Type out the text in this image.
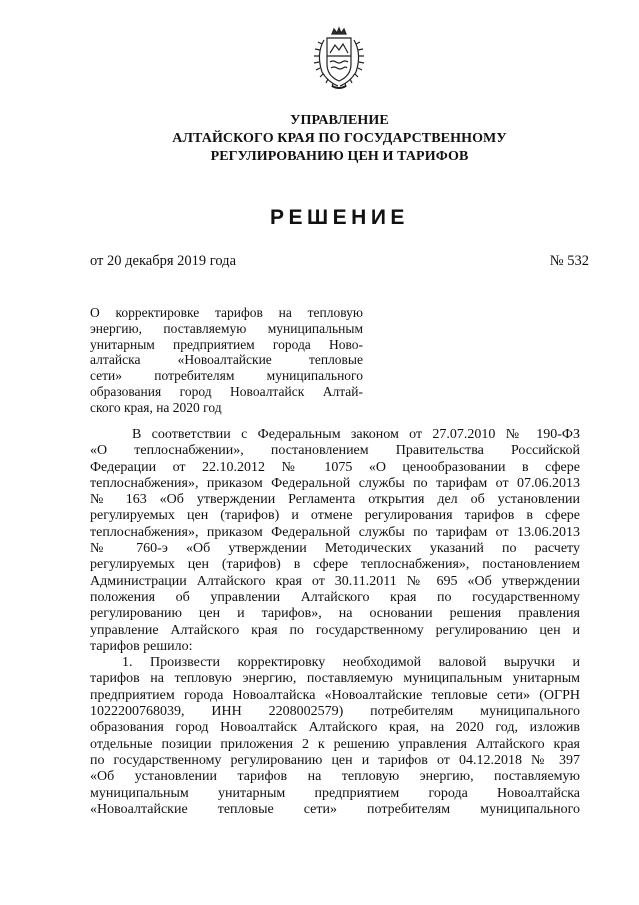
УПРАВЛЕНИЕ
АЛТАЙСКОГО КРАЯ ПО ГОСУДАРСТВЕННОМУ
РЕГУЛИРОВАНИЮ ЦЕН И ТАРИФОВ
РЕШЕНИЕ
от 20 декабря 2019 года	№ 532
О корректировке тарифов на тепловую
энергию, поставляемую муниципальным
унитарным предприятием города Ново-
алтайска «Новоалтайские тепловые
сети» потребителям муниципального
образования город Новоалтайск Алтай-
ского края, на 2020 год
В соответствии с Федеральным законом от 27.07.2010 № 190-ФЗ
«О теплоснабжении», постановлением Правительства Российской
Федерации от 22.10.2012 № 1075 «О ценообразовании в сфере
теплоснабжения», приказом Федеральной службы по тарифам от 07.06.2013
№ 163 «Об утверждении Регламента открытия дел об установлении
регулируемых цен (тарифов) и отмене регулирования тарифов в сфере
теплоснабжения», приказом Федеральной службы по тарифам от 13.06.2013
№ 760-э «Об утверждении Методических указаний по расчету
регулируемых цен (тарифов) в сфере теплоснабжения», постановлением
Администрации Алтайского края от 30.11.2011 № 695 «Об утверждении
положения об управлении Алтайского края по государственному
регулированию цен и тарифов», на основании решения правления
управление Алтайского края по государственному регулированию цен и
тарифов решило:
1. Произвести корректировку необходимой валовой выручки и
тарифов на тепловую энергию, поставляемую муниципальным унитарным
предприятием города Новоалтайска «Новоалтайские тепловые сети» (ОГРН
1022200768039, ИНН 2208002579) потребителям муниципального
образования город Новоалтайск Алтайского края, на 2020 год, изложив
отдельные позиции приложения 2 к решению управления Алтайского края
по государственному регулированию цен и тарифов от 04.12.2018 № 397
«Об установлении тарифов на тепловую энергию, поставляемую
муниципальным унитарным предприятием города Новоалтайска
«Новоалтайские тепловые сети» потребителям муниципального
